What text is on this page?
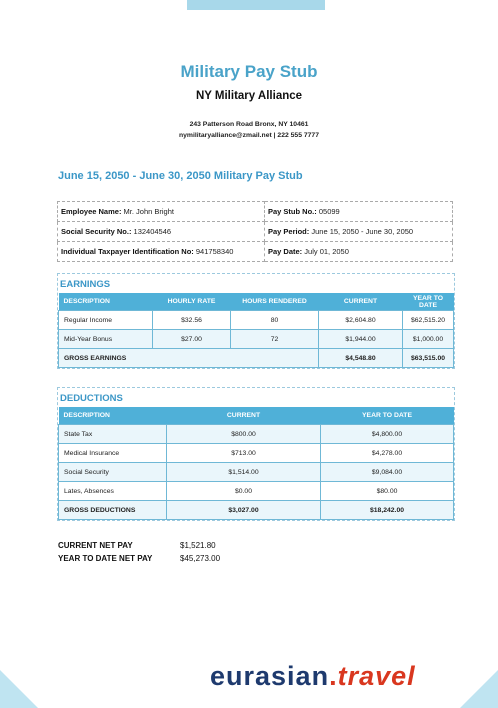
Military Pay Stub
NY Military Alliance
243 Patterson Road Bronx, NY 10461
nymilitaryalliance@zmail.net | 222 555 7777
June 15, 2050 - June 30, 2050 Military Pay Stub
Employee Name: Mr. John Bright	Pay Stub No.: 05099
Social Security No.: 132404546	Pay Period: June 15, 2050 - June 30, 2050
Individual Taxpayer Identification No: 941758340	Pay Date: July 01, 2050
EARNINGS
DESCRIPTION	HOURLY RATE	HOURS RENDERED	CURRENT	YEAR TO DATE
Regular Income	$32.56	80	$2,604.80	$62,515.20
Mid-Year Bonus	$27.00	72	$1,944.00	$1,000.00
GROSS EARNINGS			$4,548.80	$63,515.00
DEDUCTIONS
DESCRIPTION	CURRENT	YEAR TO DATE
State Tax	$800.00	$4,800.00
Medical Insurance	$713.00	$4,278.00
Social Security	$1,514.00	$9,084.00
Lates, Absences	$0.00	$80.00
GROSS DEDUCTIONS	$3,027.00	$18,242.00
CURRENT NET PAY	$1,521.80
YEAR TO DATE NET PAY	$45,273.00
eurasian.travel
